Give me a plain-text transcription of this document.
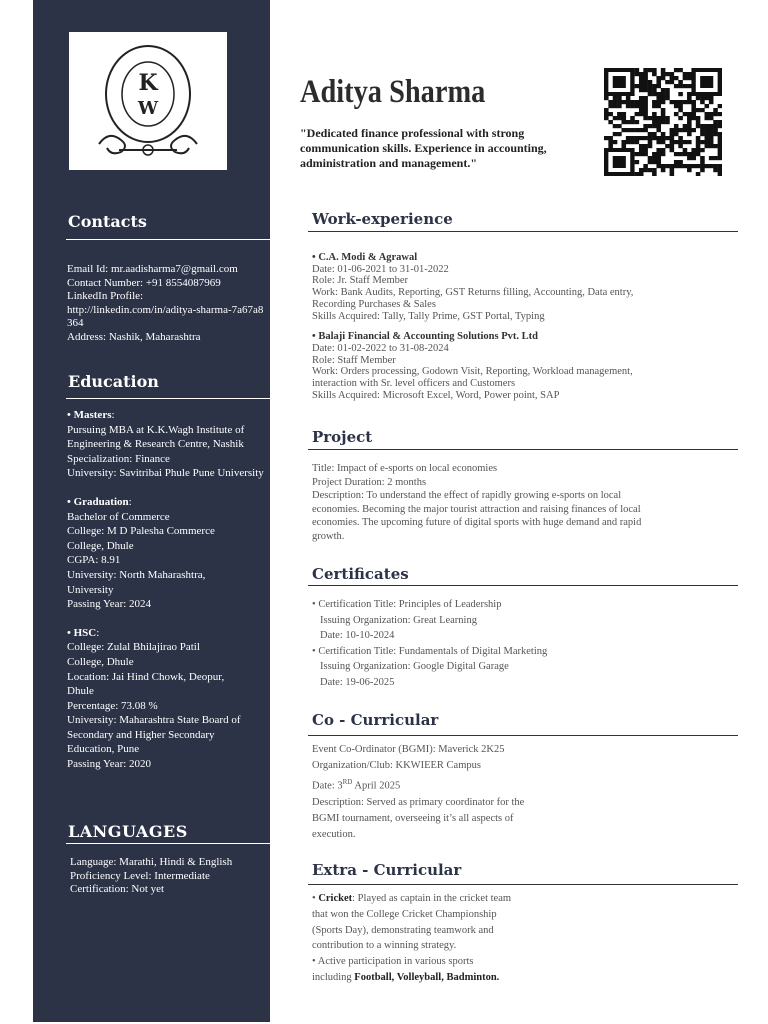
K
W
Contacts

Email Id: mr.aadisharma7@gmail.com

Contact Number: +91 8554087969

LinkedIn Profile:

http://linkedin.com/in/aditya-sharma-7a67a8364

Address: Nashik, Maharashtra

Education

• Masters:

Pursuing MBA at K.K.Wagh Institute of Engineering & Research Centre, Nashik

Specialization: Finance

University: Savitribai Phule Pune University

• Graduation:

Bachelor of Commerce

College: M D Palesha Commerce College, Dhule

CGPA: 8.91

University: North Maharashtra, University

Passing Year: 2024

• HSC:

College: Zulal Bhilajirao Patil College, Dhule

Location: Jai Hind Chowk, Deopur, Dhule

Percentage: 73.08 %

University: Maharashtra State Board of Secondary and Higher Secondary Education, Pune

Passing Year: 2020

LANGUAGES

Language: Marathi, Hindi & English

Proficiency Level: Intermediate

Certification: Not yet

Aditya Sharma
"Dedicated finance professional with strong communication skills. Experience in accounting, administration and management."
Work-experience

• C.A. Modi & Agrawal

Date: 01-06-2021 to 31-01-2022

Role: Jr. Staff Member

Work: Bank Audits, Reporting, GST Returns filling, Accounting, Data entry, Recording Purchases & Sales

Skills Acquired: Tally, Tally Prime, GST Portal, Typing

• Balaji Financial & Accounting Solutions Pvt. Ltd

Date: 01-02-2022 to 31-08-2024

Role: Staff Member

Work: Orders processing, Godown Visit, Reporting, Workload management, interaction with Sr. level officers and Customers

Skills Acquired: Microsoft Excel, Word, Power point, SAP

Project

Title: Impact of e-sports on local economies

Project Duration: 2 months

Description: To understand the effect of rapidly growing e-sports on local economies. Becoming the major tourist attraction and raising finances of local economies. The upcoming future of digital sports with huge demand and rapid growth.

Certificates

• Certification Title: Principles of Leadership

Issuing Organization: Great Learning

Date: 10-10-2024

• Certification Title: Fundamentals of Digital Marketing

Issuing Organization: Google Digital Garage

Date: 19-06-2025

Co - Curricular

Event Co-Ordinator (BGMI): Maverick 2K25

Organization/Club: KKWIEER Campus

Date: 3RD April 2025

Description: Served as primary coordinator for the BGMI tournament, overseeing it’s all aspects of execution.

Extra - Curricular
• Cricket: Played as captain in the cricket team that won the College Cricket Championship (Sports Day), demonstrating teamwork and contribution to a winning strategy.
• Active participation in various sports including Football, Volleyball, Badminton.
